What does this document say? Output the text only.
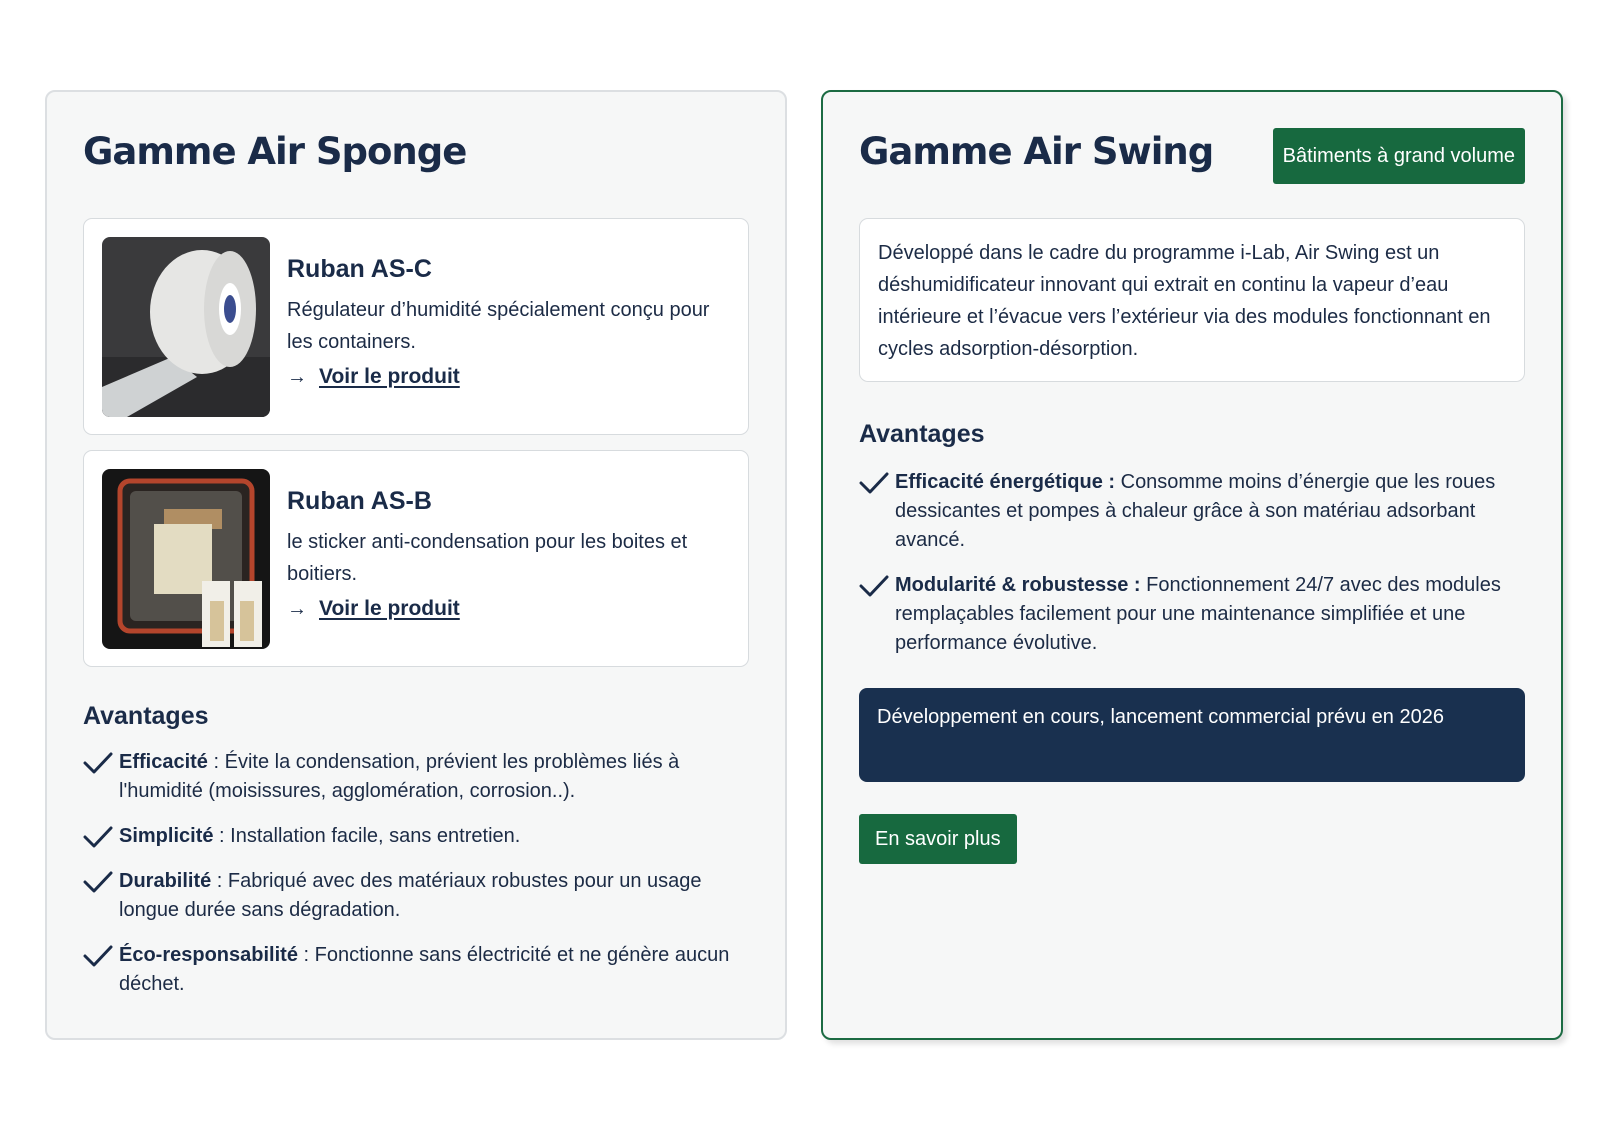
Gamme Air Sponge
Ruban AS-C
Régulateur d’humidité spécialement conçu pour les containers.
→ Voir le produit
Ruban AS-B
le sticker anti-condensation pour les boites et boitiers.
→ Voir le produit
Avantages
Efficacité : Évite la condensation, prévient les problèmes liés à l'humidité (moisissures, agglomération, corrosion..).
Simplicité : Installation facile, sans entretien.
Durabilité : Fabriqué avec des matériaux robustes pour un usage longue durée sans dégradation.
Éco-responsabilité : Fonctionne sans électricité et ne génère aucun déchet.
Gamme Air Swing	Bâtiments à grand volume
Développé dans le cadre du programme i-Lab, Air Swing est un déshumidificateur innovant qui extrait en continu la vapeur d’eau intérieure et l’évacue vers l’extérieur via des modules fonctionnant en cycles adsorption-désorption.
Avantages
Efficacité énergétique : Consomme moins d’énergie que les roues dessicantes et pompes à chaleur grâce à son matériau adsorbant avancé.
Modularité & robustesse : Fonctionnement 24/7 avec des modules remplaçables facilement pour une maintenance simplifiée et une performance évolutive.
Développement en cours, lancement commercial prévu en 2026
En savoir plus
